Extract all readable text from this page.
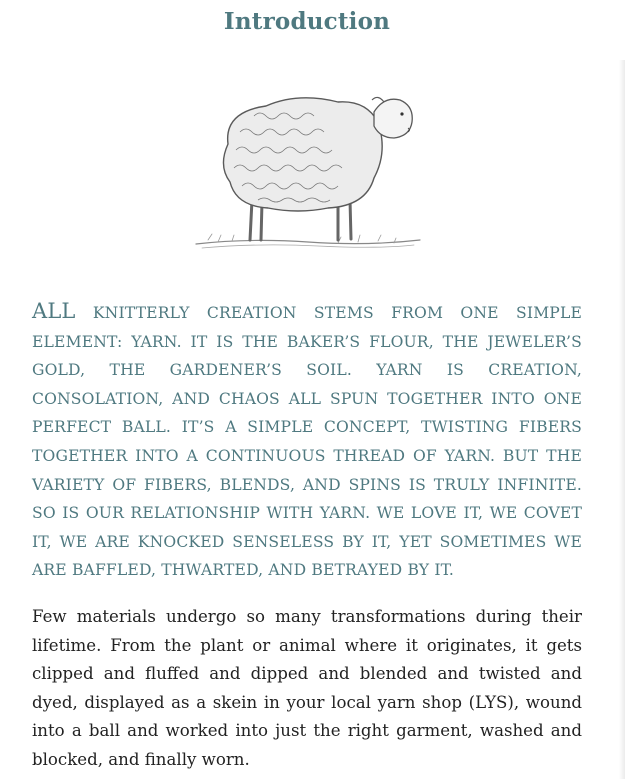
Introduction

ALL KNITTERLY CREATION STEMS FROM ONE SIMPLE ELEMENT: YARN. IT IS THE BAKER’S FLOUR, THE JEWELER’S GOLD, THE GARDENER’S SOIL. YARN IS CREATION, CONSOLATION, AND CHAOS ALL SPUN TOGETHER INTO ONE PERFECT BALL. IT’S A SIMPLE CONCEPT, TWISTING FIBERS TOGETHER INTO A CONTINUOUS THREAD OF YARN. BUT THE VARIETY OF FIBERS, BLENDS, AND SPINS IS TRULY INFINITE. SO IS OUR RELATIONSHIP WITH YARN. WE LOVE IT, WE COVET IT, WE ARE KNOCKED SENSELESS BY IT, YET SOMETIMES WE ARE BAFFLED, THWARTED, AND BETRAYED BY IT.

Few materials undergo so many transformations during their lifetime. From the plant or animal where it originates, it gets clipped and fluffed and dipped and blended and twisted and dyed, displayed as a skein in your local yarn shop (LYS), wound into a ball and worked into just the right garment, washed and blocked, and finally worn.
